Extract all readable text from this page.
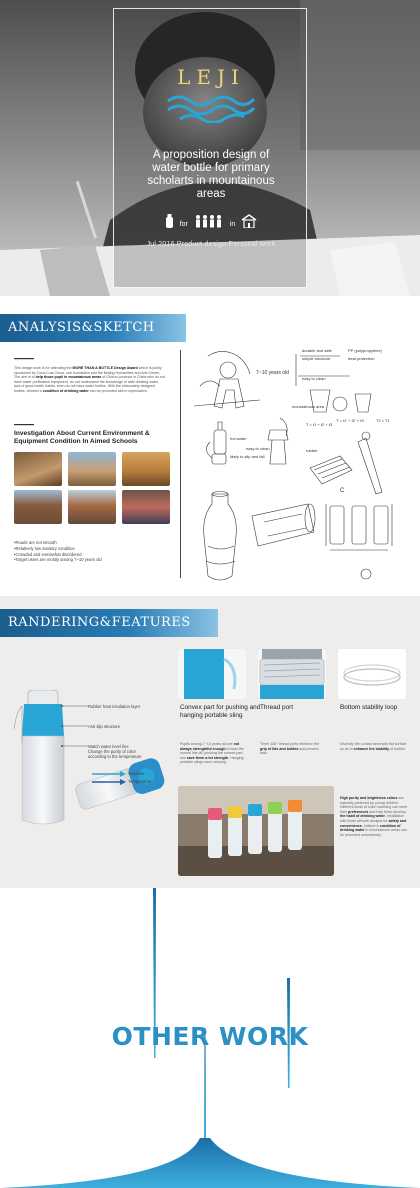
LEJI
A proposition design of
water bottle for primary
scholarts in mountainous
areas
for	in
Jul 2016 Product design Personal work
ANALYSIS&SKETCH
This design work is for attending the MORE THAN A BOTTLE Design Award which is jointly sponsored by Coca-Cola China, one foundation and the Beijing Humanities and Arts Center. The aim is to help those pupil in mountainous areas of Guizou province in China who do not have water purification equipment, do not understand the knowledge of safe drinking water, lack of good health habits, even do not have water bottles. With the elaborately designed bottles, children's condition of drinking water can be promoted alot in expectation.
Investigation About Current Environment & Equipment Condition In Aimed Schools
•Roads are not smooth
•Relatively low sanitary condition
•Crowded and somewhat disordered
•Target users are mostly among 7~10 years old
7~10 years old
durable and safe
simple structure
easy to clean
PP (polypropylene)
heat protection
mountainous area
T = t1 + t2 + t3
T = t1' + t2' + t3'	T2 < T1
hot water
likely to slip and fall
easy to clean	rubber
C
RANDERING&FEATURES
Rubber heat insulation layer
Anti slip structure
Watch water level line
Change the purity of color
according to the temperature
Variation
Temperature
Convex part for pushing and hanging portable sling
Thread port	Bottom stability loop
Pupils among 7~10 years old are not always strengthful enough to twist the normal lids off, pushing the convex part can save them a lot strength. Hanging portable slings ease carrying.
Three 180° thread ports reinforce the grip of lids and bottles and prevent leak.
Diversify the contact area with flat surface so as to enhance the stability of bottles.
High purity and brightness colors are naturally preferred by young children. Different kinds of color matching can meet their preferences and help them develop the habit of drinking water. Installation with those artwork designs for safety and convenience, children's condition of drinking water in mountainous areas can be promoted undoubtedly.
OTHER WORK
